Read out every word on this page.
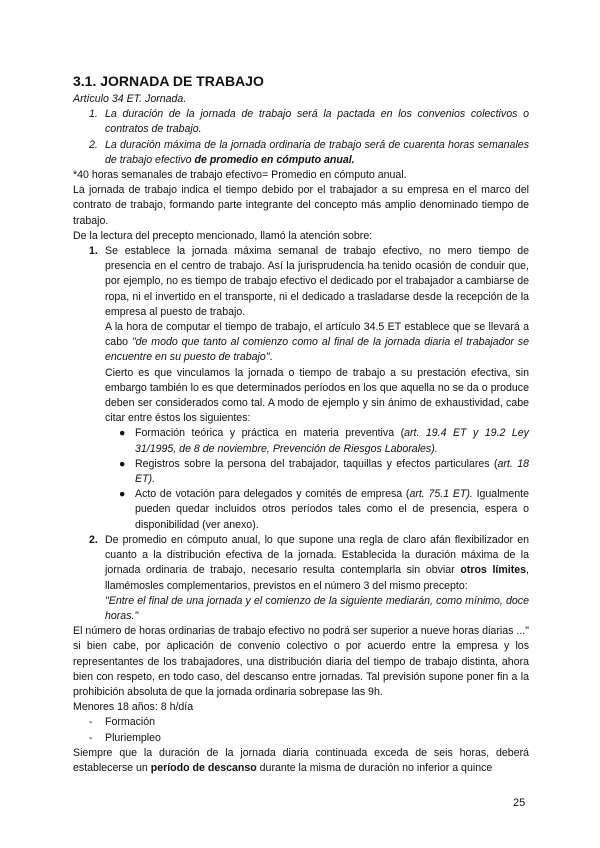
3.1. JORNADA DE TRABAJO

Artículo 34 ET. Jornada.

1. La duración de la jornada de trabajo será la pactada en los convenios colectivos o contratos de trabajo.
2. La duración máxima de la jornada ordinaria de trabajo será de cuarenta horas semanales de trabajo efectivo de promedio en cómputo anual.

*40 horas semanales de trabajo efectivo= Promedio en cómputo anual.

La jornada de trabajo indica el tiempo debido por el trabajador a su empresa en el marco del contrato de trabajo, formando parte integrante del concepto más amplio denominado tiempo de trabajo.

De la lectura del precepto mencionado, llamó la atención sobre:

1. Se establece la jornada máxima semanal de trabajo efectivo, no mero tiempo de presencia en el centro de trabajo. Así la jurisprudencia ha tenido ocasión de conduir que, por ejemplo, no es tiempo de trabajo efectivo el dedicado por el trabajador a cambiarse de ropa, ni el invertido en el transporte, ni el dedicado a trasladarse desde la recepción de la empresa al puesto de trabajo.

A la hora de computar el tiempo de trabajo, el artículo 34.5 ET establece que se llevará a cabo "de modo que tanto al comienzo como al final de la jornada diaria el trabajador se encuentre en su puesto de trabajo".

Cierto es que vinculamos la jornada o tiempo de trabajo a su prestación efectiva, sin embargo también lo es que determinados períodos en los que aquella no se da o produce deben ser considerados como tal. A modo de ejemplo y sin ánimo de exhaustividad, cabe citar entre éstos los siguientes:

● Formación teórica y práctica en materia preventiva (art. 19.4 ET y 19.2 Ley 31/1995, de 8 de noviembre, Prevención de Riesgos Laborales).
● Registros sobre la persona del trabajador, taquillas y efectos particulares (art. 18 ET).
● Acto de votación para delegados y comités de empresa (art. 75.1 ET). Igualmente pueden quedar incluidos otros períodos tales como el de presencia, espera o disponibilidad (ver anexo).
2. De promedio en cómputo anual, lo que supone una regla de claro afán flexibilizador en cuanto a la distribución efectiva de la jornada. Establecida la duración máxima de la jornada ordinaria de trabajo, necesario resulta contemplarla sin obviar otros límites, llamémosles complementarios, previstos en el número 3 del mismo precepto:

"Entre el final de una jornada y el comienzo de la siguiente mediarán, como mínimo, doce horas."

El número de horas ordinarias de trabajo efectivo no podrá ser superior a nueve horas diarias ..." si bien cabe, por aplicación de convenio colectivo o por acuerdo entre la empresa y los representantes de los trabajadores, una distribución diaria del tiempo de trabajo distinta, ahora bien con respeto, en todo caso, del descanso entre jornadas. Tal previsión supone poner fin a la prohibición absoluta de que la jornada ordinaria sobrepase las 9h.

Menores 18 años: 8 h/día

- Formación
- Pluriempleo

Siempre que la duración de la jornada diaria continuada exceda de seis horas, deberá establecerse un período de descanso durante la misma de duración no inferior a quince

25
